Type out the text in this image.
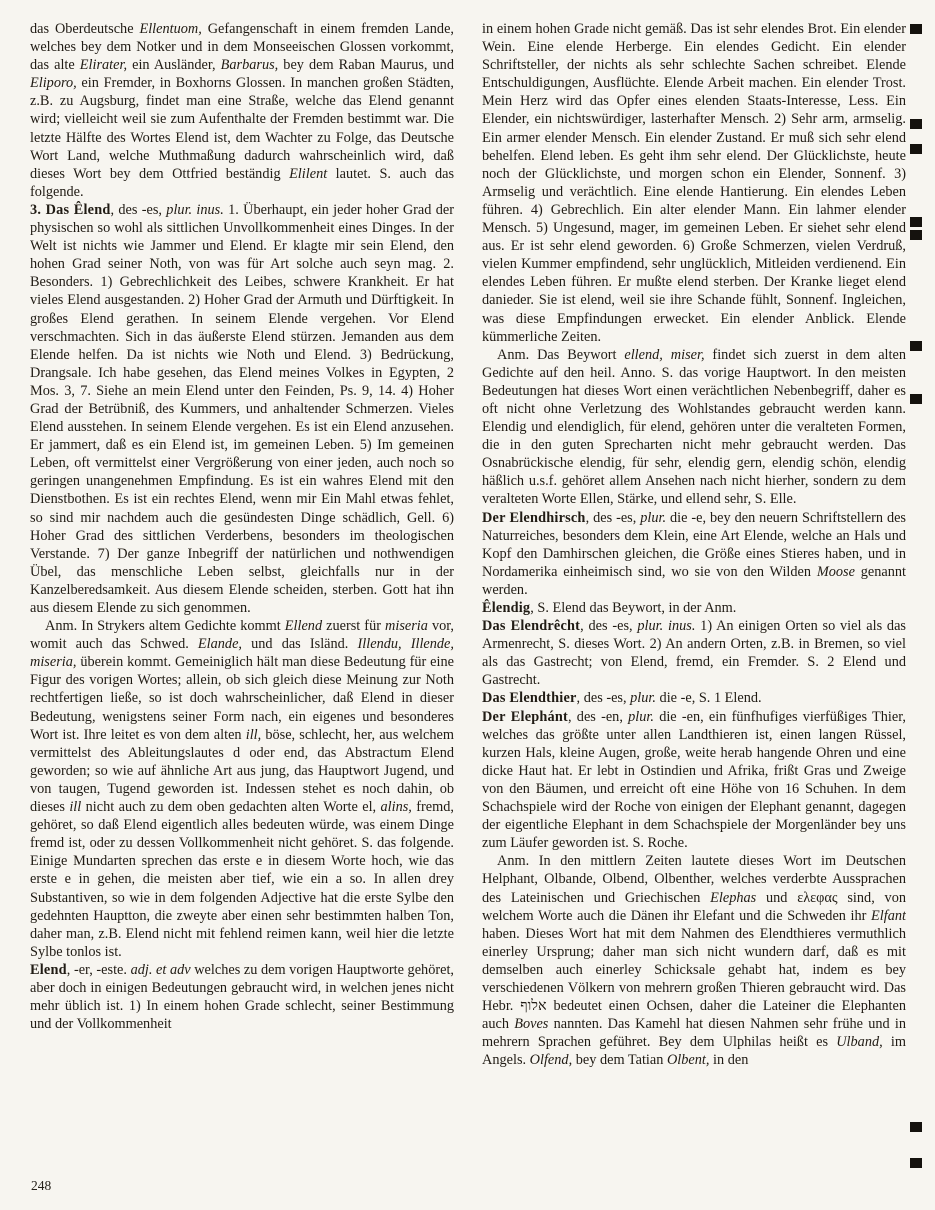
das Oberdeutsche Ellentuom, Gefangenschaft in einem fremden Lande, welches bey dem Notker und in dem Monseeischen Glossen vorkommt, das alte Elirater, ein Ausländer, Barbarus, bey dem Raban Maurus, und Eliporo, ein Fremder, in Boxhorns Glossen. In manchen großen Städten, z.B. zu Augsburg, findet man eine Straße, welche das Elend genannt wird; vielleicht weil sie zum Aufenthalte der Fremden bestimmt war. Die letzte Hälfte des Wortes Elend ist, dem Wachter zu Folge, das Deutsche Wort Land, welche Muthmaßung dadurch wahrscheinlich wird, daß dieses Wort bey dem Ottfried beständig Elilent lautet. S. auch das folgende.

3. Das Êlend, des -es, plur. inus. 1. Überhaupt, ein jeder hoher Grad der physischen so wohl als sittlichen Unvollkommenheit eines Dinges. In der Welt ist nichts wie Jammer und Elend. Er klagte mir sein Elend, den hohen Grad seiner Noth, von was für Art solche auch seyn mag. 2. Besonders. 1) Gebrechlichkeit des Leibes, schwere Krankheit. Er hat vieles Elend ausgestanden. 2) Hoher Grad der Armuth und Dürftigkeit. In großes Elend gerathen. In seinem Elende vergehen. Vor Elend verschmachten. Sich in das äußerste Elend stürzen. Jemanden aus dem Elende helfen. Da ist nichts wie Noth und Elend. 3) Bedrückung, Drangsale. Ich habe gesehen, das Elend meines Volkes in Egypten, 2 Mos. 3, 7. Siehe an mein Elend unter den Feinden, Ps. 9, 14. 4) Hoher Grad der Betrübniß, des Kummers, und anhaltender Schmerzen. Vieles Elend ausstehen. In seinem Elende vergehen. Es ist ein Elend anzusehen. Er jammert, daß es ein Elend ist, im gemeinen Leben. 5) Im gemeinen Leben, oft vermittelst einer Vergrößerung von einer jeden, auch noch so geringen unangenehmen Empfindung. Es ist ein wahres Elend mit den Dienstbothen. Es ist ein rechtes Elend, wenn mir Ein Mahl etwas fehlet, so sind mir nachdem auch die gesündesten Dinge schädlich, Gell. 6) Hoher Grad des sittlichen Verderbens, besonders im theologischen Verstande. 7) Der ganze Inbegriff der natürlichen und nothwendigen Übel, das menschliche Leben selbst, gleichfalls nur in der Kanzelberedsamkeit. Aus diesem Elende scheiden, sterben. Gott hat ihn aus diesem Elende zu sich genommen.

Anm. In Strykers altem Gedichte kommt Ellend zuerst für miseria vor, womit auch das Schwed. Elande, und das Isländ. Illendu, Illende, miseria, überein kommt. Gemeiniglich hält man diese Bedeutung für eine Figur des vorigen Wortes; allein, ob sich gleich diese Meinung zur Noth rechtfertigen ließe, so ist doch wahrscheinlicher, daß Elend in dieser Bedeutung, wenigstens seiner Form nach, ein eigenes und besonderes Wort ist. Ihre leitet es von dem alten ill, böse, schlecht, her, aus welchem vermittelst des Ableitungslautes d oder end, das Abstractum Elend geworden; so wie auf ähnliche Art aus jung, das Hauptwort Jugend, und von taugen, Tugend geworden ist. Indessen stehet es noch dahin, ob dieses ill nicht auch zu dem oben gedachten alten Worte el, alins, fremd, gehöret, so daß Elend eigentlich alles bedeuten würde, was einem Dinge fremd ist, oder zu dessen Vollkommenheit nicht gehöret. S. das folgende. Einige Mundarten sprechen das erste e in diesem Worte hoch, wie das erste e in gehen, die meisten aber tief, wie ein a so. In allen drey Substantiven, so wie in dem folgenden Adjective hat die erste Sylbe den gedehnten Hauptton, die zweyte aber einen sehr bestimmten halben Ton, daher man, z.B. Elend nicht mit fehlend reimen kann, weil hier die letzte Sylbe tonlos ist.

Elend, -er, -este. adj. et adv welches zu dem vorigen Hauptworte gehöret, aber doch in einigen Bedeutungen gebraucht wird, in welchen jenes nicht mehr üblich ist. 1) In einem hohen Grade schlecht, seiner Bestimmung und der Vollkommenheit

in einem hohen Grade nicht gemäß. Das ist sehr elendes Brot. Ein elender Wein. Eine elende Herberge. Ein elendes Gedicht. Ein elender Schriftsteller, der nichts als sehr schlechte Sachen schreibet. Elende Entschuldigungen, Ausflüchte. Elende Arbeit machen. Ein elender Trost. Mein Herz wird das Opfer eines elenden Staats-Interesse, Less. Ein Elender, ein nichtswürdiger, lasterhafter Mensch. 2) Sehr arm, armselig. Ein armer elender Mensch. Ein elender Zustand. Er muß sich sehr elend behelfen. Elend leben. Es geht ihm sehr elend. Der Glücklichste, heute noch der Glücklichste, und morgen schon ein Elender, Sonnenf. 3) Armselig und verächtlich. Eine elende Hantierung. Ein elendes Leben führen. 4) Gebrechlich. Ein alter elender Mann. Ein lahmer elender Mensch. 5) Ungesund, mager, im gemeinen Leben. Er siehet sehr elend aus. Er ist sehr elend geworden. 6) Große Schmerzen, vielen Verdruß, vielen Kummer empfindend, sehr unglücklich, Mitleiden verdienend. Ein elendes Leben führen. Er mußte elend sterben. Der Kranke lieget elend danieder. Sie ist elend, weil sie ihre Schande fühlt, Sonnenf. Ingleichen, was diese Empfindungen erwecket. Ein elender Anblick. Elende kümmerliche Zeiten.

Anm. Das Beywort ellend, miser, findet sich zuerst in dem alten Gedichte auf den heil. Anno. S. das vorige Hauptwort. In den meisten Bedeutungen hat dieses Wort einen verächtlichen Nebenbegriff, daher es oft nicht ohne Verletzung des Wohlstandes gebraucht werden kann. Elendig und elendiglich, für elend, gehören unter die veralteten Formen, die in den guten Sprecharten nicht mehr gebraucht werden. Das Osnabrückische elendig, für sehr, elendig gern, elendig schön, elendig häßlich u.s.f. gehöret allem Ansehen nach nicht hierher, sondern zu dem veralteten Worte Ellen, Stärke, und ellend sehr, S. Elle.

Der Elendhirsch, des -es, plur. die -e, bey den neuern Schriftstellern des Naturreiches, besonders dem Klein, eine Art Elende, welche an Hals und Kopf den Damhirschen gleichen, die Größe eines Stieres haben, und in Nordamerika einheimisch sind, wo sie von den Wilden Moose genannt werden.

Êlendig, S. Elend das Beywort, in der Anm.

Das Elendrêcht, des -es, plur. inus. 1) An einigen Orten so viel als das Armenrecht, S. dieses Wort. 2) An andern Orten, z.B. in Bremen, so viel als das Gastrecht; von Elend, fremd, ein Fremder. S. 2 Elend und Gastrecht.

Das Elendthier, des -es, plur. die -e, S. 1 Elend.

Der Elephánt, des -en, plur. die -en, ein fünfhufiges vierfüßiges Thier, welches das größte unter allen Landthieren ist, einen langen Rüssel, kurzen Hals, kleine Augen, große, weite herab hangende Ohren und eine dicke Haut hat. Er lebt in Ostindien und Afrika, frißt Gras und Zweige von den Bäumen, und erreicht oft eine Höhe von 16 Schuhen. In dem Schachspiele wird der Roche von einigen der Elephant genannt, dagegen der eigentliche Elephant in dem Schachspiele der Morgenländer bey uns zum Läufer geworden ist. S. Roche.

Anm. In den mittlern Zeiten lautete dieses Wort im Deutschen Helphant, Olbande, Olbend, Olbenther, welches verderbte Aussprachen des Lateinischen und Griechischen Elephas und ελεφας sind, von welchem Worte auch die Dänen ihr Elefant und die Schweden ihr Elfant haben. Dieses Wort hat mit dem Nahmen des Elendthieres vermuthlich einerley Ursprung; daher man sich nicht wundern darf, daß es mit demselben auch einerley Schicksale gehabt hat, indem es bey verschiedenen Völkern von mehrern großen Thieren gebraucht wird. Das Hebr. אלוף bedeutet einen Ochsen, daher die Lateiner die Elephanten auch Boves nannten. Das Kamehl hat diesen Nahmen sehr frühe und in mehrern Sprachen geführet. Bey dem Ulphilas heißt es Ulband, im Angels. Olfend, bey dem Tatian Olbent, in den

248
